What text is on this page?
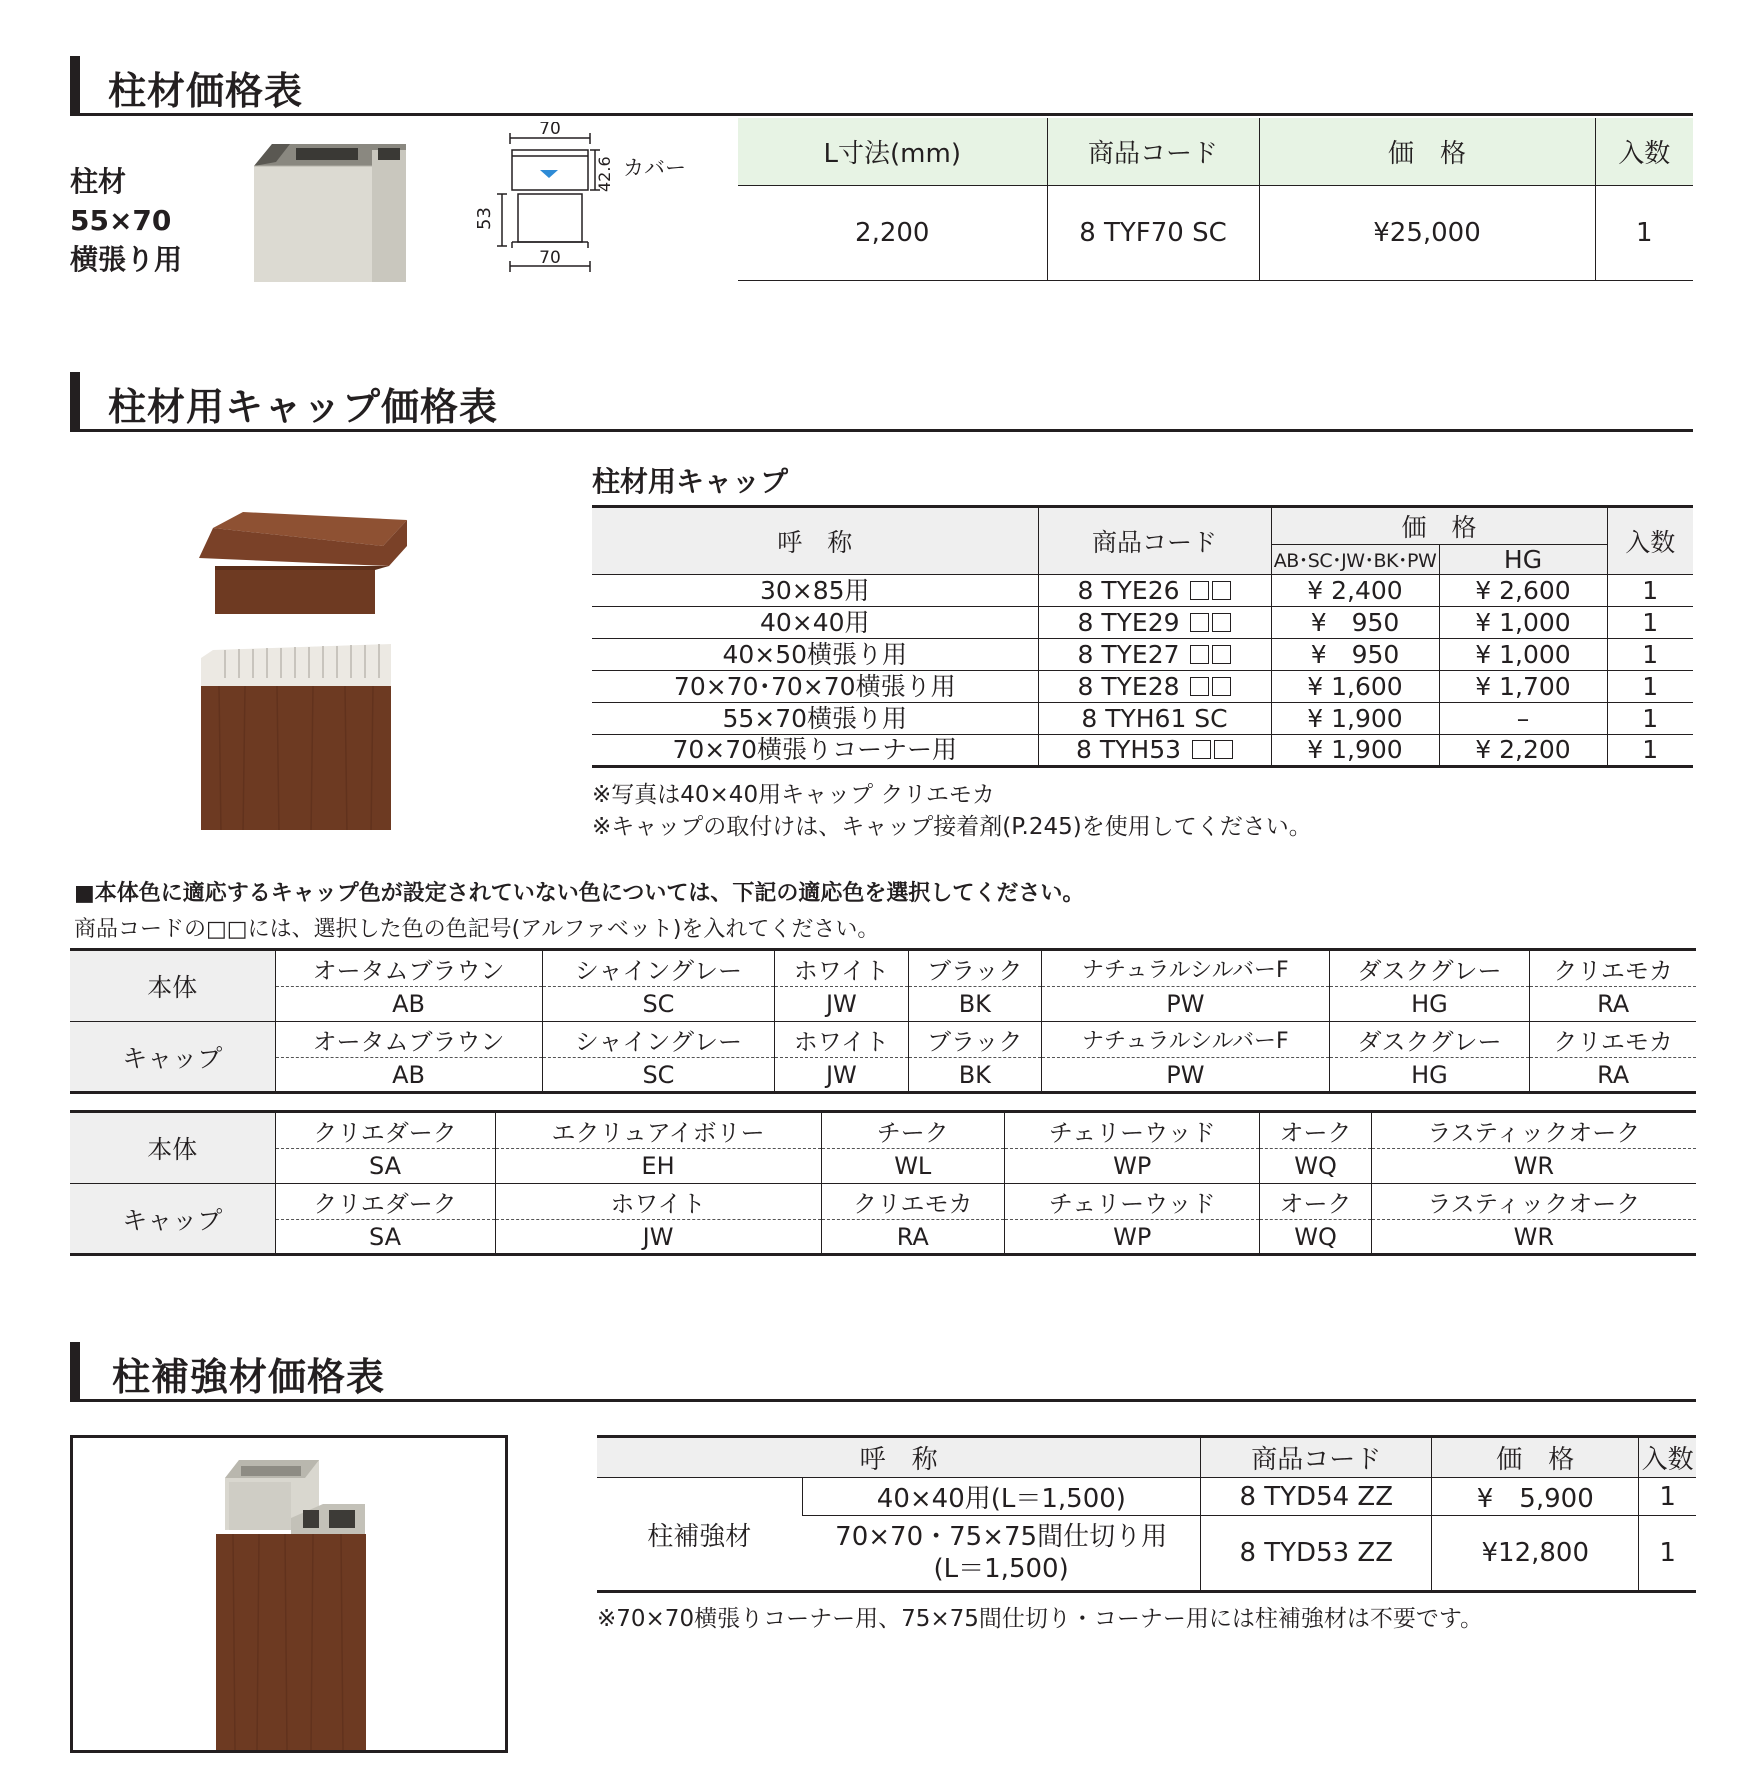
柱材価格表
柱材
55×70
横張り用
70
70
53
42.6 カバー	L寸法(mm)	商品コード	価　格	入数
2,200	8 TYF70 SC	¥25,000	1
柱材用キャップ価格表
柱材用キャップ
呼　称	商品コード	価　格		入数
		AB･SC･JW･BK･PW	HG	
30×85用	8 TYE26	¥ 2,400	¥ 2,600	1
40×40用	8 TYE29	¥　950	¥ 1,000	1
40×50横張り用	8 TYE27	¥　950	¥ 1,000	1
70×70･70×70横張り用	8 TYE28	¥ 1,600	¥ 1,700	1
55×70横張り用	8 TYH61 SC	¥ 1,900	–	1
70×70横張りコーナー用	8 TYH53	¥ 1,900	¥ 2,200	1
※写真は40×40用キャップ クリエモカ
※キャップの取付けは、キャップ接着剤(P.245)を使用してください。
■本体色に適応するキャップ色が設定されていない色については、下記の適応色を選択してください。
商品コードの□□には、選択した色の色記号(アルファベット)を入れてください。
本体	オータムブラウン	シャイングレー	ホワイト	ブラック	ナチュラルシルバーF	ダスクグレー	クリエモカ
	AB	SC	JW	BK	PW	HG	RA
キャップ	オータムブラウン	シャイングレー	ホワイト	ブラック	ナチュラルシルバーF	ダスクグレー	クリエモカ
	AB	SC	JW	BK	PW	HG	RA
本体	クリエダーク	エクリュアイボリー	チーク	チェリーウッド	オーク	ラスティックオーク
	SA	EH	WL	WP	WQ	WR
キャップ	クリエダーク	ホワイト	クリエモカ	チェリーウッド	オーク	ラスティックオーク
	SA	JW	RA	WP	WQ	WR
柱補強材価格表
呼　称		商品コード	価　格	入数
柱補強材	40×40用(L＝1,500)	8 TYD54 ZZ	¥　5,900	1

	70×70・75×75間仕切り用
(L＝1,500)	8 TYD53 ZZ	¥12,800	1
※70×70横張りコーナー用、75×75間仕切り・コーナー用には柱補強材は不要です。
